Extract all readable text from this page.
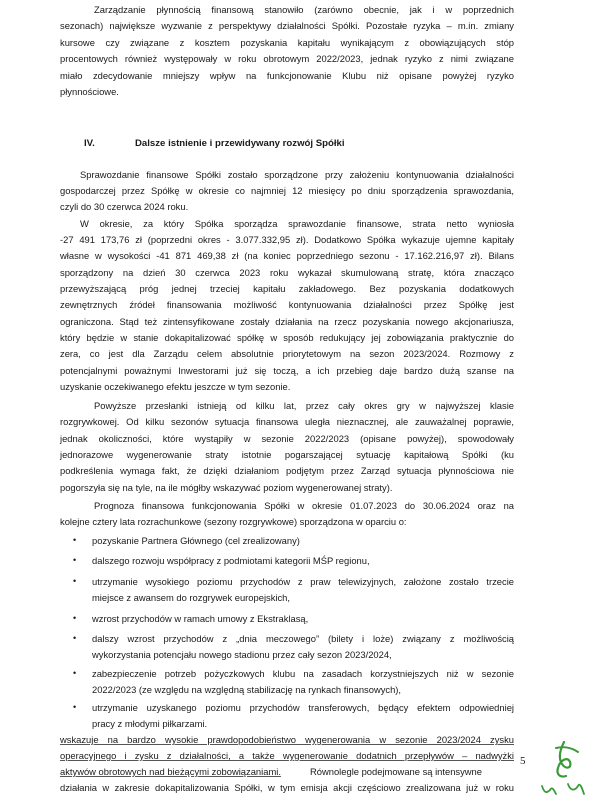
Zarządzanie płynnością finansową stanowiło (zarówno obecnie, jak i w poprzednich
sezonach) największe wyzwanie z perspektywy działalności Spółki. Pozostałe ryzyka – m.in. zmiany
kursowe czy związane z kosztem pozyskania kapitału wynikającym z obowiązujących stóp
procentowych również występowały w roku obrotowym 2022/2023, jednak ryzyko z nimi związane
miało zdecydowanie mniejszy wpływ na funkcjonowanie Klubu niż opisane powyżej ryzyko
płynnościowe.
IV.	Dalsze istnienie i przewidywany rozwój Spółki
Sprawozdanie finansowe Spółki zostało sporządzone przy założeniu kontynuowania działalności
gospodarczej przez Spółkę w okresie co najmniej 12 miesięcy po dniu sporządzenia sprawozdania,
czyli do 30 czerwca 2024 roku.
W okresie, za który Spółka sporządza sprawozdanie finansowe, strata netto wyniosła
-27 491 173,76 zł (poprzedni okres - 3.077.332,95 zł). Dodatkowo Spółka wykazuje ujemne kapitały
własne w wysokości -41 871 469,38 zł (na koniec poprzedniego sezonu - 17.162.216,97 zł). Bilans
sporządzony na dzień 30 czerwca 2023 roku wykazał skumulowaną stratę, która znacząco
przewyższającą próg jednej trzeciej kapitału zakładowego. Bez pozyskania dodatkowych
zewnętrznych źródeł finansowania możliwość kontynuowania działalności przez Spółkę jest
ograniczona. Stąd też zintensyfikowane zostały działania na rzecz pozyskania nowego akcjonariusza,
który będzie w stanie dokapitalizować spółkę w sposób redukujący jej zobowiązania praktycznie do
zera, co jest dla Zarządu celem absolutnie priorytetowym na sezon 2023/2024. Rozmowy z
potencjalnymi poważnymi Inwestorami już się toczą, a ich przebieg daje bardzo dużą szanse na
uzyskanie oczekiwanego efektu jeszcze w tym sezonie.
Powyższe przesłanki istnieją od kilku lat, przez cały okres gry w najwyższej klasie
rozgrywkowej. Od kilku sezonów sytuacja finansowa uległa nieznacznej, ale zauważalnej poprawie,
jednak okoliczności, które wystąpiły w sezonie 2022/2023 (opisane powyżej), spowodowały
jednorazowe wygenerowanie straty istotnie pogarszającej sytuację kapitałową Spółki (ku
podkreślenia wymaga fakt, że dzięki działaniom podjętym przez Zarząd sytuacja płynnościowa nie
pogorszyła się na tyle, na ile mógłby wskazywać poziom wygenerowanej straty).
Prognoza finansowa funkcjonowania Spółki w okresie 01.07.2023 do 30.06.2024 oraz na
kolejne cztery lata rozrachunkowe (sezony rozgrywkowe) sporządzona w oparciu o:
•	pozyskanie Partnera Głównego (cel zrealizowany)
•	dalszego rozwoju współpracy z podmiotami kategorii MŚP regionu,
•	utrzymanie wysokiego poziomu przychodów z praw telewizyjnych, założone zostało trzecie
miejsce z awansem do rozgrywek europejskich,
•	wzrost przychodów w ramach umowy z Ekstraklasą,
•	dalszy wzrost przychodów z „dnia meczowego” (bilety i loże) związany z możliwością
wykorzystania potencjału nowego stadionu przez cały sezon 2023/2024,
•	zabezpieczenie potrzeb pożyczkowych klubu na zasadach korzystniejszych niż w sezonie
2022/2023 (ze względu na względną stabilizację na rynkach finansowych),
•	utrzymanie uzyskanego poziomu przychodów transferowych, będący efektem odpowiedniej
pracy z młodymi piłkarzami.
wskazuje na bardzo wysokie prawdopodobieństwo wygenerowania w sezonie 2023/2024 zysku
operacyjnego i zysku z działalności, a także wygenerowanie dodatnich przepływów – nadwyżki
aktywów obrotowych nad bieżącymi zobowiązaniami.	Równolegle podejmowane są intensywne
działania w zakresie dokapitalizowania Spółki, w tym emisja akcji częściowo zrealizowana już w roku
5
